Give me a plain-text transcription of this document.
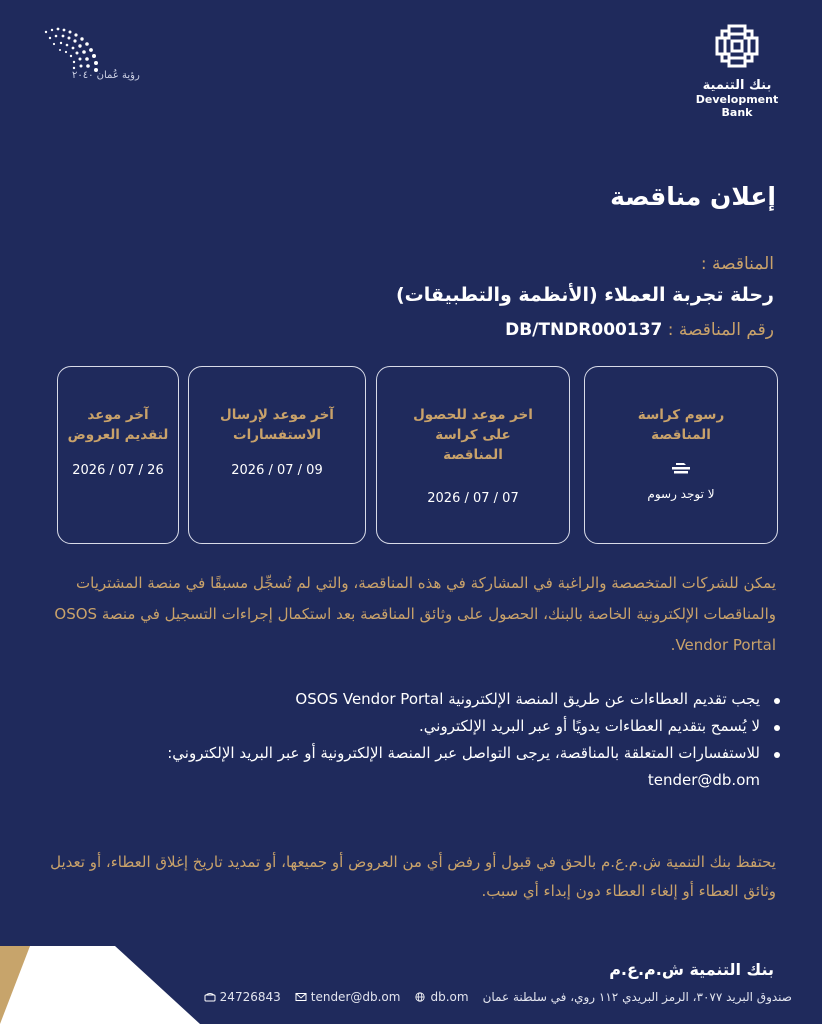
بنك التنمية
Development Bank
رؤية عُمان ٢٠٤٠
إعلان مناقصة
المناقصة :
رحلة تجربة العملاء (الأنظمة والتطبيقات)
رقم المناقصة : DB/TNDR000137
رسوم كراسة المناقصة
لا توجد رسوم
اخر موعد للحصول على كراسة المناقصة
2026 / 07 / 07
آخر موعد لإرسال الاستفسارات
2026 / 07 / 09
آخر موعد لتقديم العروض
2026 / 07 / 26
يمكن للشركات المتخصصة والراغبة في المشاركة في هذه المناقصة، والتي لم تُسجِّل مسبقًا في منصة المشتريات والمناقصات الإلكترونية الخاصة بالبنك، الحصول على وثائق المناقصة بعد استكمال إجراءات التسجيل في منصة OSOS Vendor Portal.
يجب تقديم العطاءات عن طريق المنصة الإلكترونية OSOS Vendor Portal
لا يُسمح بتقديم العطاءات يدويًا أو عبر البريد الإلكتروني.
للاستفسارات المتعلقة بالمناقصة، يرجى التواصل عبر المنصة الإلكترونية أو عبر البريد الإلكتروني:
tender@db.om
يحتفظ بنك التنمية ش.م.ع.م بالحق في قبول أو رفض أي من العروض أو جميعها، أو تمديد تاريخ إغلاق العطاء، أو تعديل وثائق العطاء أو إلغاء العطاء دون إبداء أي سبب.
بنك التنمية ش.م.ع.م
24726843	tender@db.om	db.om صندوق البريد ٣٠٧٧، الرمز البريدي ١١٢ روي، في سلطنة عمان
